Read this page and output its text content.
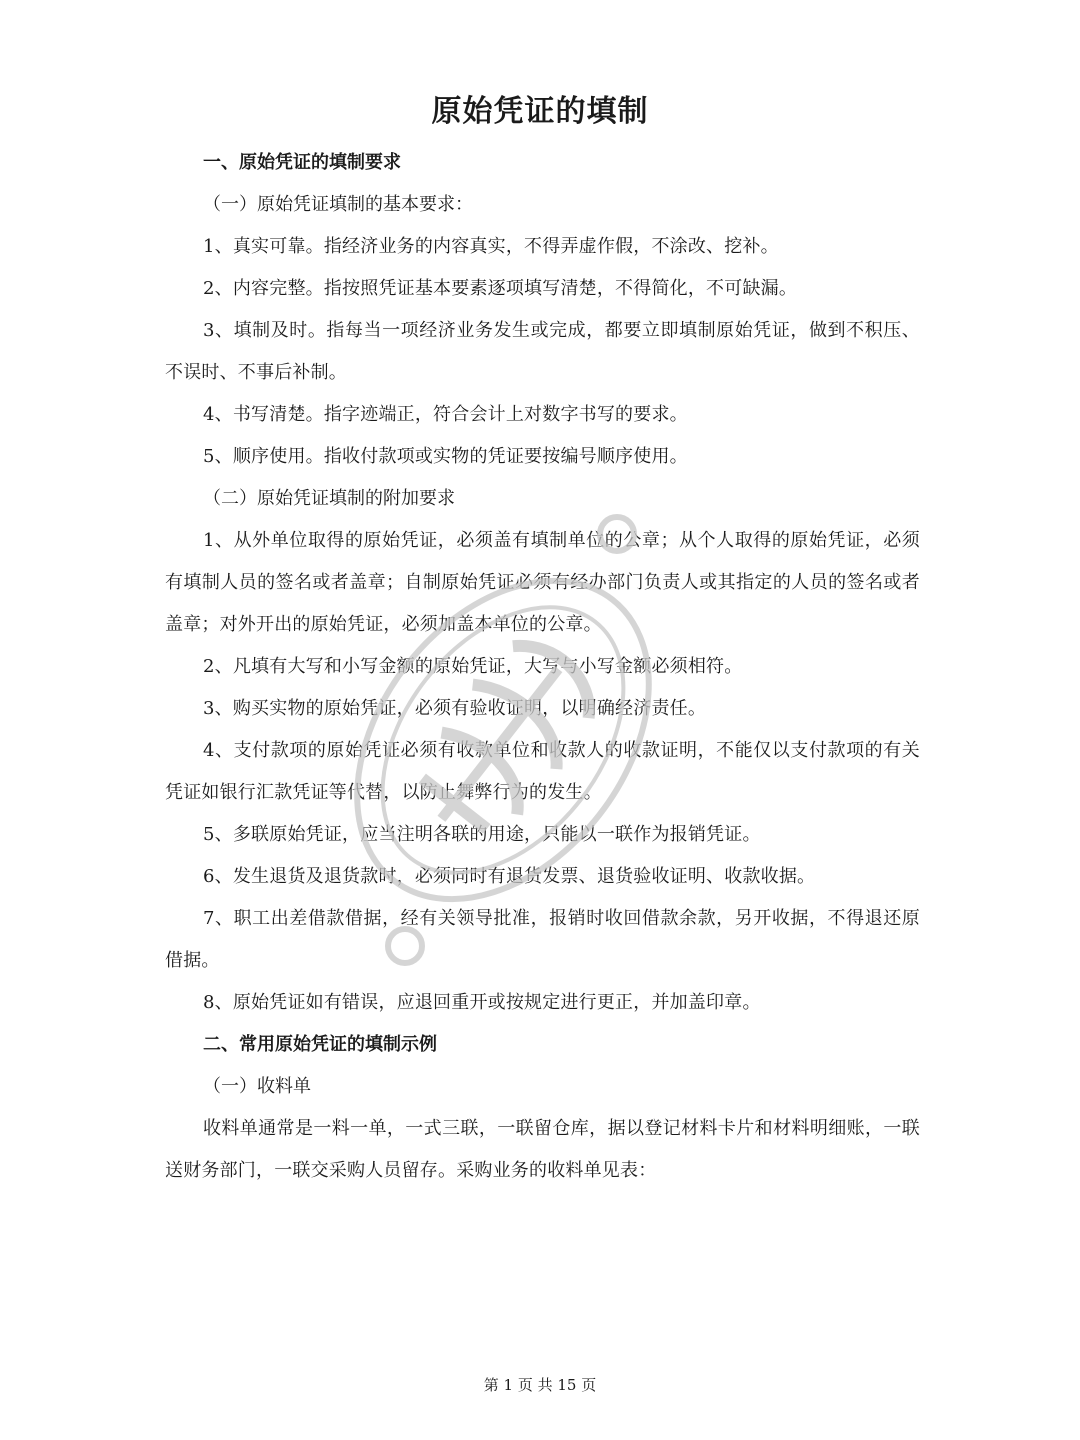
原始凭证的填制

一、原始凭证的填制要求

（一）原始凭证填制的基本要求：

1、真实可靠。指经济业务的内容真实，不得弄虚作假，不涂改、挖补。

2、内容完整。指按照凭证基本要素逐项填写清楚，不得简化，不可缺漏。

3、填制及时。指每当一项经济业务发生或完成，都要立即填制原始凭证，做到不积压、不误时、不事后补制。

4、书写清楚。指字迹端正，符合会计上对数字书写的要求。

5、顺序使用。指收付款项或实物的凭证要按编号顺序使用。

（二）原始凭证填制的附加要求

1、从外单位取得的原始凭证，必须盖有填制单位的公章；从个人取得的原始凭证，必须有填制人员的签名或者盖章；自制原始凭证必须有经办部门负责人或其指定的人员的签名或者盖章；对外开出的原始凭证，必须加盖本单位的公章。

2、凡填有大写和小写金额的原始凭证，大写与小写金额必须相符。

3、购买实物的原始凭证，必须有验收证明，以明确经济责任。

4、支付款项的原始凭证必须有收款单位和收款人的收款证明，不能仅以支付款项的有关凭证如银行汇款凭证等代替，以防止舞弊行为的发生。

5、多联原始凭证，应当注明各联的用途，只能以一联作为报销凭证。

6、发生退货及退货款时，必须同时有退货发票、退货验收证明、收款收据。

7、职工出差借款借据，经有关领导批准，报销时收回借款余款，另开收据，不得退还原借据。

8、原始凭证如有错误，应退回重开或按规定进行更正，并加盖印章。

二、常用原始凭证的填制示例

（一）收料单

收料单通常是一料一单，一式三联，一联留仓库，据以登记材料卡片和材料明细账，一联送财务部门，一联交采购人员留存。采购业务的收料单见表：

第 1 页 共 15 页
